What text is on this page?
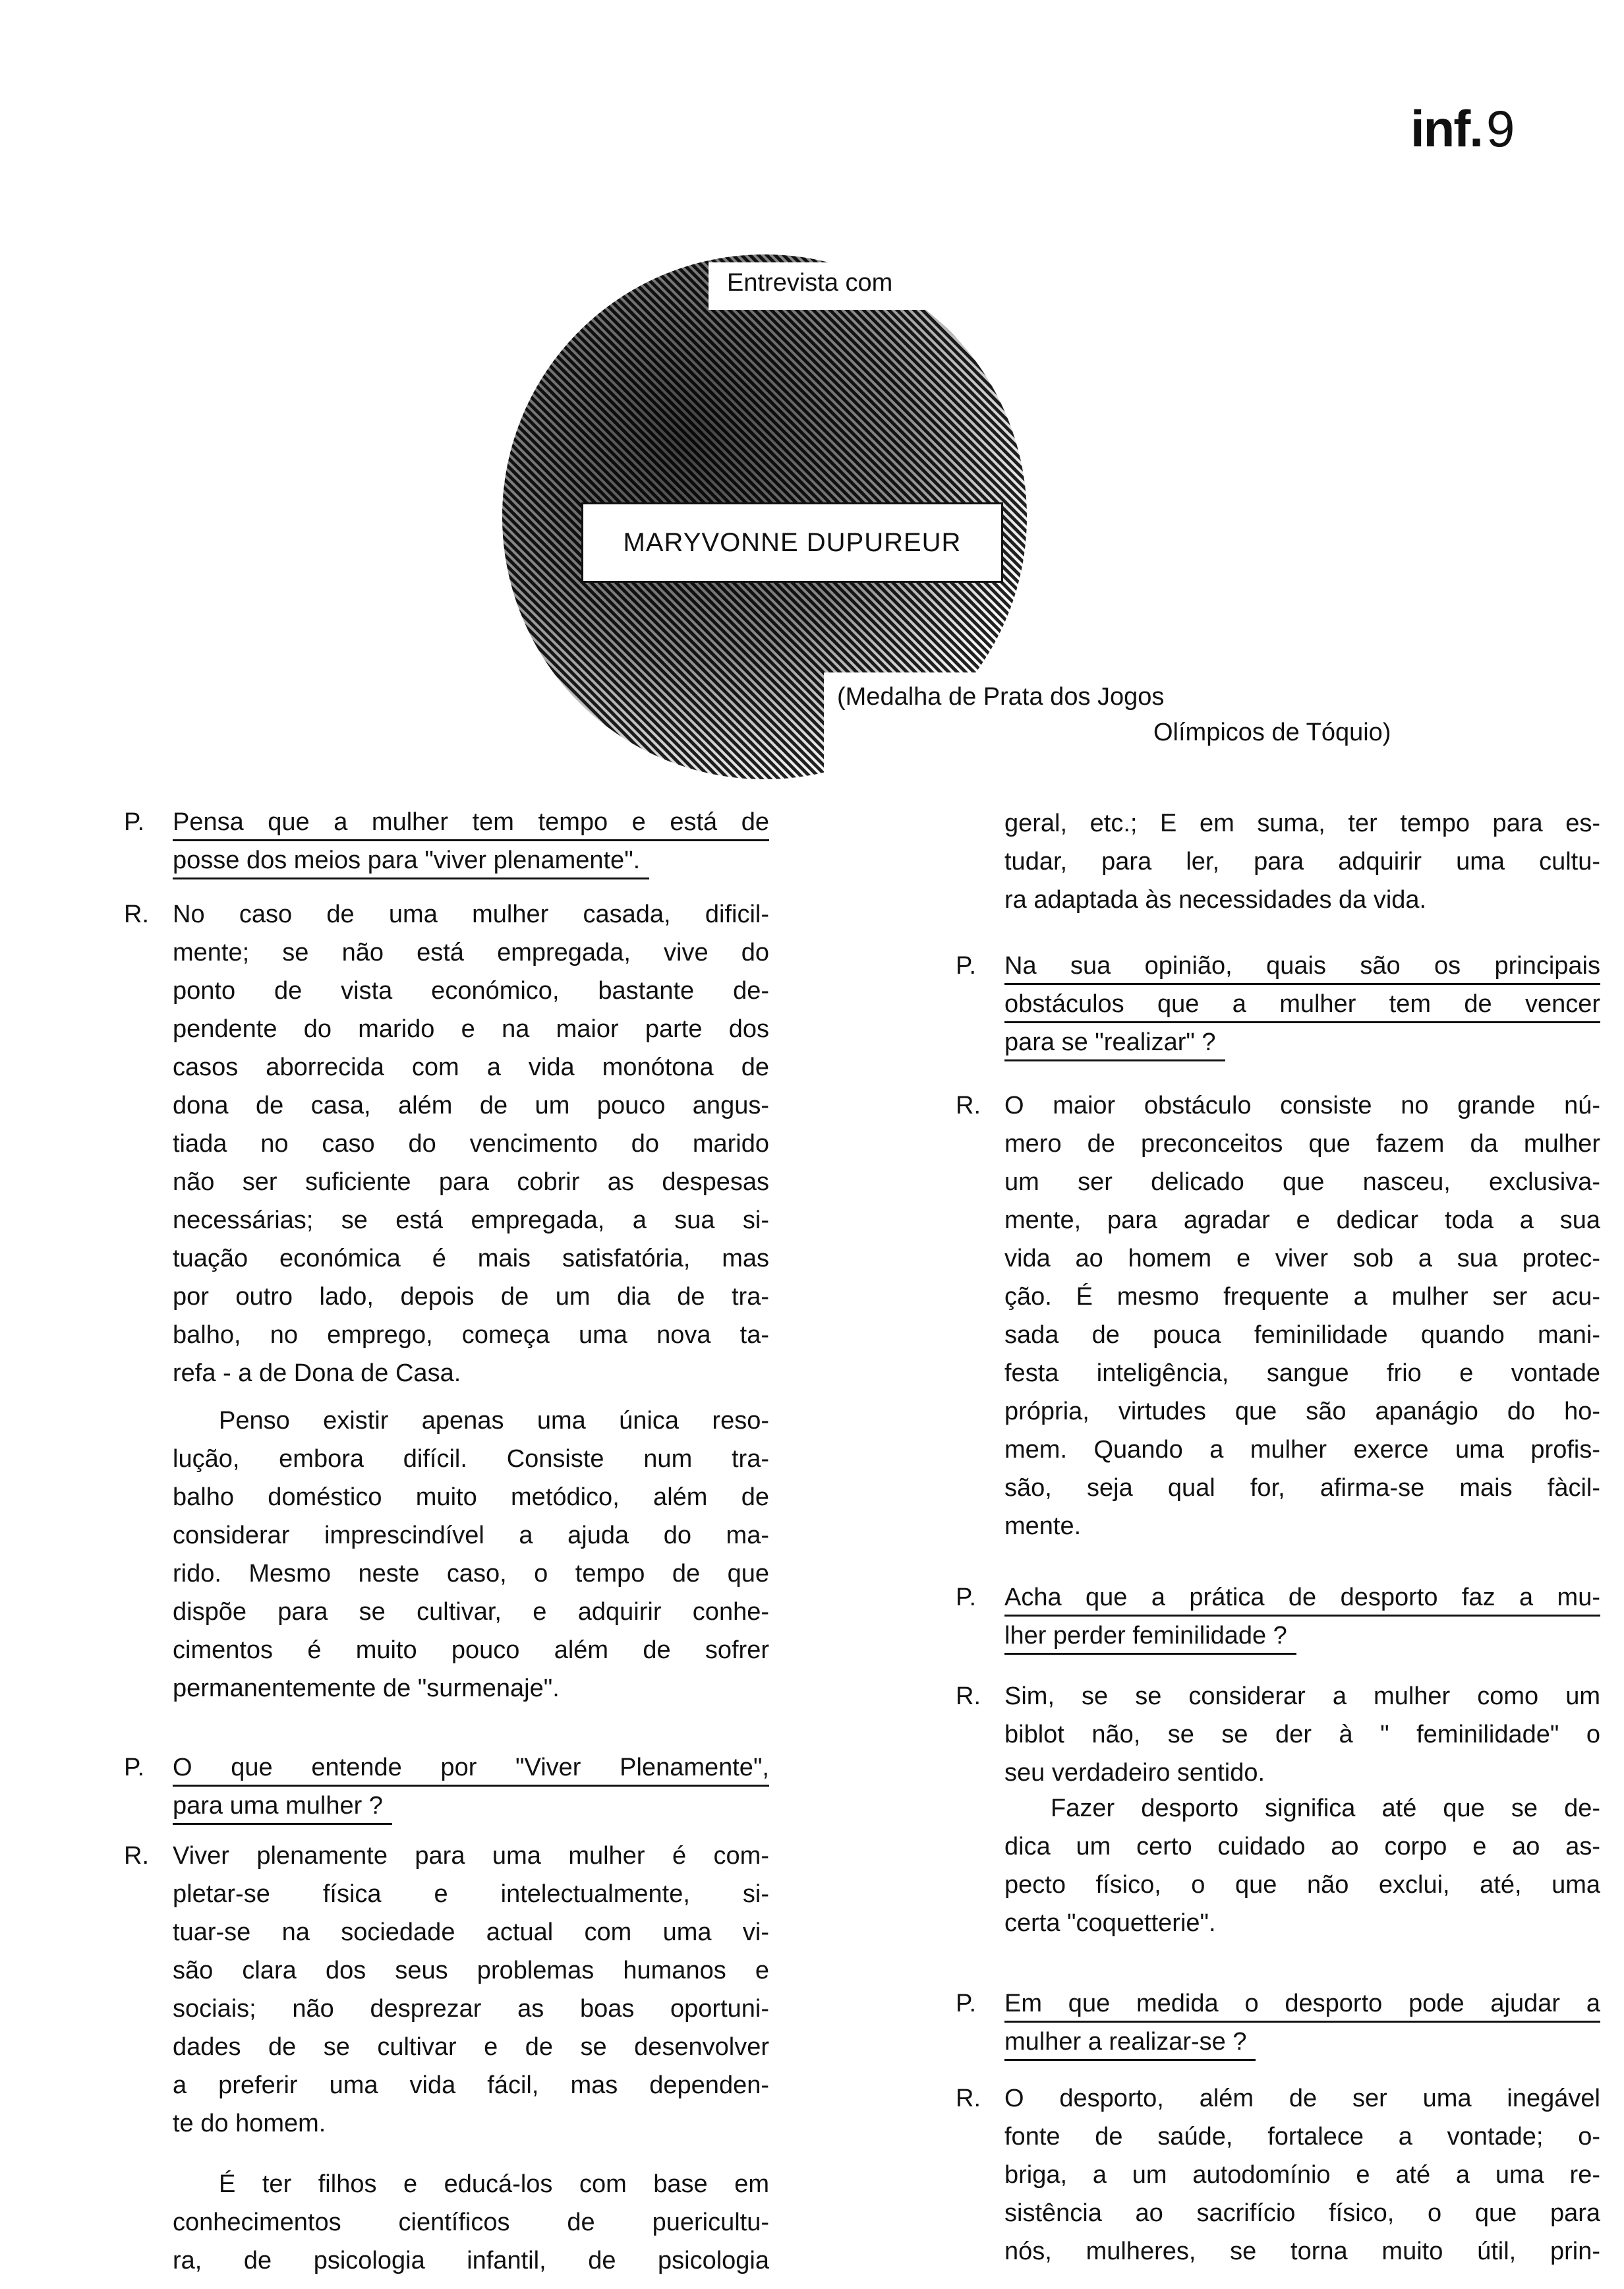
inf.9
Entrevista com
MARYVONNE DUPUREUR
(Medalha de Prata dos Jogos
Olímpicos de Tóquio)
P. Pensa que a mulher tem tempo e está de
posse dos meios para "viver plenamente".
R. No caso de uma mulher casada, dificil-
mente; se não está empregada, vive do
ponto de vista económico, bastante de-
pendente do marido e na maior parte dos
casos aborrecida com a vida monótona de
dona de casa, além de um pouco angus-
tiada no caso do vencimento do marido
não ser suficiente para cobrir as despesas
necessárias; se está empregada, a sua si-
tuação económica é mais satisfatória, mas
por outro lado, depois de um dia de tra-
balho, no emprego, começa uma nova ta-
refa - a de Dona de Casa.
Penso existir apenas uma única reso-
lução, embora difícil. Consiste num tra-
balho doméstico muito metódico, além de
considerar imprescindível a ajuda do ma-
rido. Mesmo neste caso, o tempo de que
dispõe para se cultivar, e adquirir conhe-
cimentos é muito pouco além de sofrer
permanentemente de "surmenaje".
P. O que entende por "Viver Plenamente",
para uma mulher ?
R. Viver plenamente para uma mulher é com-
pletar-se física e intelectualmente, si-
tuar-se na sociedade actual com uma vi-
são clara dos seus problemas humanos e
sociais; não desprezar as boas oportuni-
dades de se cultivar e de se desenvolver
a preferir uma vida fácil, mas dependen-
te do homem.
É ter filhos e educá-los com base em
conhecimentos científicos de puericultu-
ra, de psicologia infantil, de psicologia
geral, etc.; E em suma, ter tempo para es-
tudar, para ler, para adquirir uma cultu-
ra adaptada às necessidades da vida.
P. Na sua opinião, quais são os principais
obstáculos que a mulher tem de vencer
para se "realizar" ?
R. O maior obstáculo consiste no grande nú-
mero de preconceitos que fazem da mulher
um ser delicado que nasceu, exclusiva-
mente, para agradar e dedicar toda a sua
vida ao homem e viver sob a sua protec-
ção. É mesmo frequente a mulher ser acu-
sada de pouca feminilidade quando mani-
festa inteligência, sangue frio e vontade
própria, virtudes que são apanágio do ho-
mem. Quando a mulher exerce uma profis-
são, seja qual for, afirma-se mais fàcil-
mente.
P. Acha que a prática de desporto faz a mu-
lher perder feminilidade ?
R. Sim, se se considerar a mulher como um
biblot não, se se der à " feminilidade" o
seu verdadeiro sentido.
Fazer desporto significa até que se de-
dica um certo cuidado ao corpo e ao as-
pecto físico, o que não exclui, até, uma
certa "coquetterie".
P. Em que medida o desporto pode ajudar a
mulher a realizar-se ?
R. O desporto, além de ser uma inegável
fonte de saúde, fortalece a vontade; o-
briga, a um autodomínio e até a uma re-
sistência ao sacrifício físico, o que para
nós, mulheres, se torna muito útil, prin-
